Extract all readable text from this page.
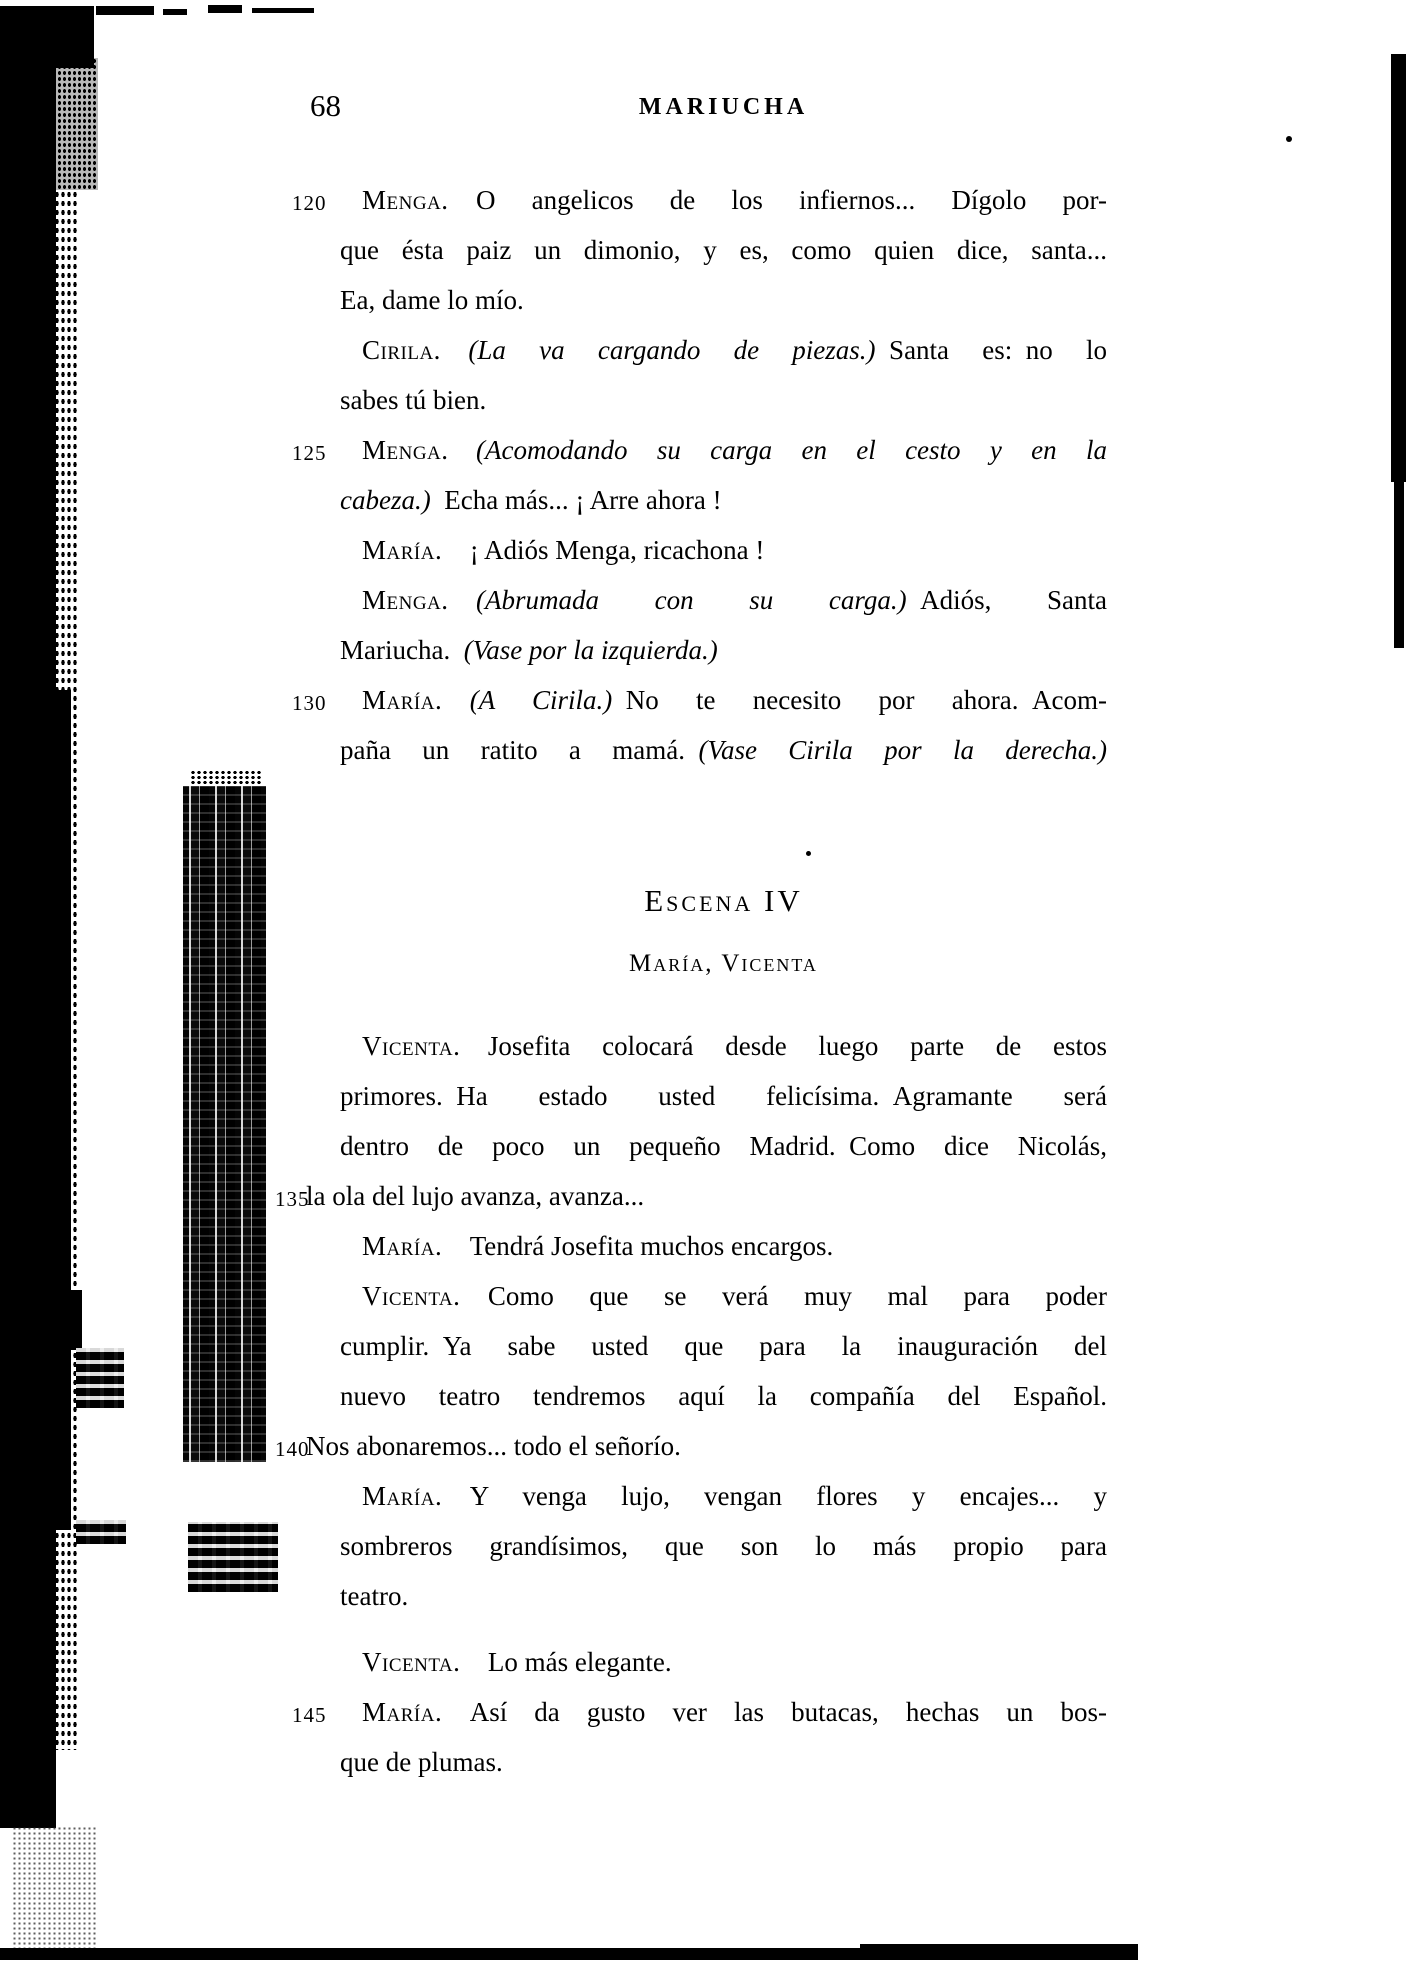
68	MARIUCHA
120 Menga. O angelicos de los infiernos... Dígolo por-
que ésta paiz un dimonio, y es, como quien dice, santa...
Ea, dame lo mío.
Cirila. (La va cargando de piezas.) Santa es: no lo
sabes tú bien.
125 Menga. (Acomodando su carga en el cesto y en la
cabeza.) Echa más... ¡ Arre ahora !
María. ¡ Adiós Menga, ricachona !
Menga. (Abrumada con su carga.) Adiós, Santa
Mariucha. (Vase por la izquierda.)
130 María. (A Cirila.) No te necesito por ahora. Acom-
paña un ratito a mamá. (Vase Cirila por la derecha.)
Escena IV
María, Vicenta
Vicenta. Josefita colocará desde luego parte de estos
primores. Ha estado usted felicísima. Agramante será
dentro de poco un pequeño Madrid. Como dice Nicolás,
135
la ola del lujo avanza, avanza...
María. Tendrá Josefita muchos encargos.
Vicenta. Como que se verá muy mal para poder
cumplir. Ya sabe usted que para la inauguración del
nuevo teatro tendremos aquí la compañía del Español.
140
Nos abonaremos... todo el señorío.
María. Y venga lujo, vengan flores y encajes... y
sombreros grandísimos, que son lo más propio para
teatro.
Vicenta. Lo más elegante.
145 María. Así da gusto ver las butacas, hechas un bos-
que de plumas.
